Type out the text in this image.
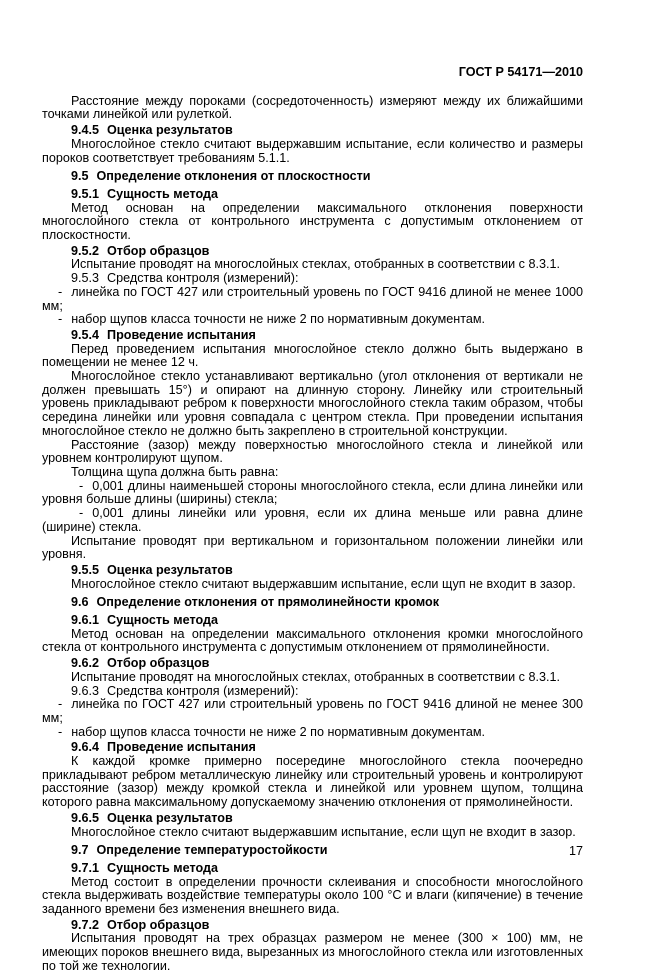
ГОСТ Р 54171—2010
Расстояние между пороками (сосредоточенность) измеряют между их ближайшими точками линейкой или рулеткой.
9.4.5 Оценка результатов
Многослойное стекло считают выдержавшим испытание, если количество и размеры пороков соответствует требованиям 5.1.1.
9.5 Определение отклонения от плоскостности
9.5.1 Сущность метода
Метод основан на определении максимального отклонения поверхности многослойного стекла от контрольного инструмента с допустимым отклонением от плоскостности.
9.5.2 Отбор образцов
Испытание проводят на многослойных стеклах, отобранных в соответствии с 8.3.1.
9.5.3 Средства контроля (измерений):
- линейка по ГОСТ 427 или строительный уровень по ГОСТ 9416 длиной не менее 1000 мм;
- набор щупов класса точности не ниже 2 по нормативным документам.
9.5.4 Проведение испытания
Перед проведением испытания многослойное стекло должно быть выдержано в помещении не менее 12 ч.
Многослойное стекло устанавливают вертикально (угол отклонения от вертикали не должен превышать 15°) и опирают на длинную сторону. Линейку или строительный уровень прикладывают ребром к поверхности многослойного стекла таким образом, чтобы середина линейки или уровня совпадала с центром стекла. При проведении испытания многослойное стекло не должно быть закреплено в строительной конструкции.
Расстояние (зазор) между поверхностью многослойного стекла и линейкой или уровнем контролируют щупом.
Толщина щупа должна быть равна:
- 0,001 длины наименьшей стороны многослойного стекла, если длина линейки или уровня больше длины (ширины) стекла;
- 0,001 длины линейки или уровня, если их длина меньше или равна длине (ширине) стекла.
Испытание проводят при вертикальном и горизонтальном положении линейки или уровня.
9.5.5 Оценка результатов
Многослойное стекло считают выдержавшим испытание, если щуп не входит в зазор.
9.6 Определение отклонения от прямолинейности кромок
9.6.1 Сущность метода
Метод основан на определении максимального отклонения кромки многослойного стекла от контрольного инструмента с допустимым отклонением от прямолинейности.
9.6.2 Отбор образцов
Испытание проводят на многослойных стеклах, отобранных в соответствии с 8.3.1.
9.6.3 Средства контроля (измерений):
- линейка по ГОСТ 427 или строительный уровень по ГОСТ 9416 длиной не менее 300 мм;
- набор щупов класса точности не ниже 2 по нормативным документам.
9.6.4 Проведение испытания
К каждой кромке примерно посередине многослойного стекла поочередно прикладывают ребром металлическую линейку или строительный уровень и контролируют расстояние (зазор) между кромкой стекла и линейкой или уровнем щупом, толщина которого равна максимальному допускаемому значению отклонения от прямолинейности.
9.6.5 Оценка результатов
Многослойное стекло считают выдержавшим испытание, если щуп не входит в зазор.
9.7 Определение температуростойкости
9.7.1 Сущность метода
Метод состоит в определении прочности склеивания и способности многослойного стекла выдерживать воздействие температуры около 100 °С и влаги (кипячение) в течение заданного времени без изменения внешнего вида.
9.7.2 Отбор образцов
Испытания проводят на трех образцах размером не менее (300 × 100) мм, не имеющих пороков внешнего вида, вырезанных из многослойного стекла или изготовленных по той же технологии.
17
